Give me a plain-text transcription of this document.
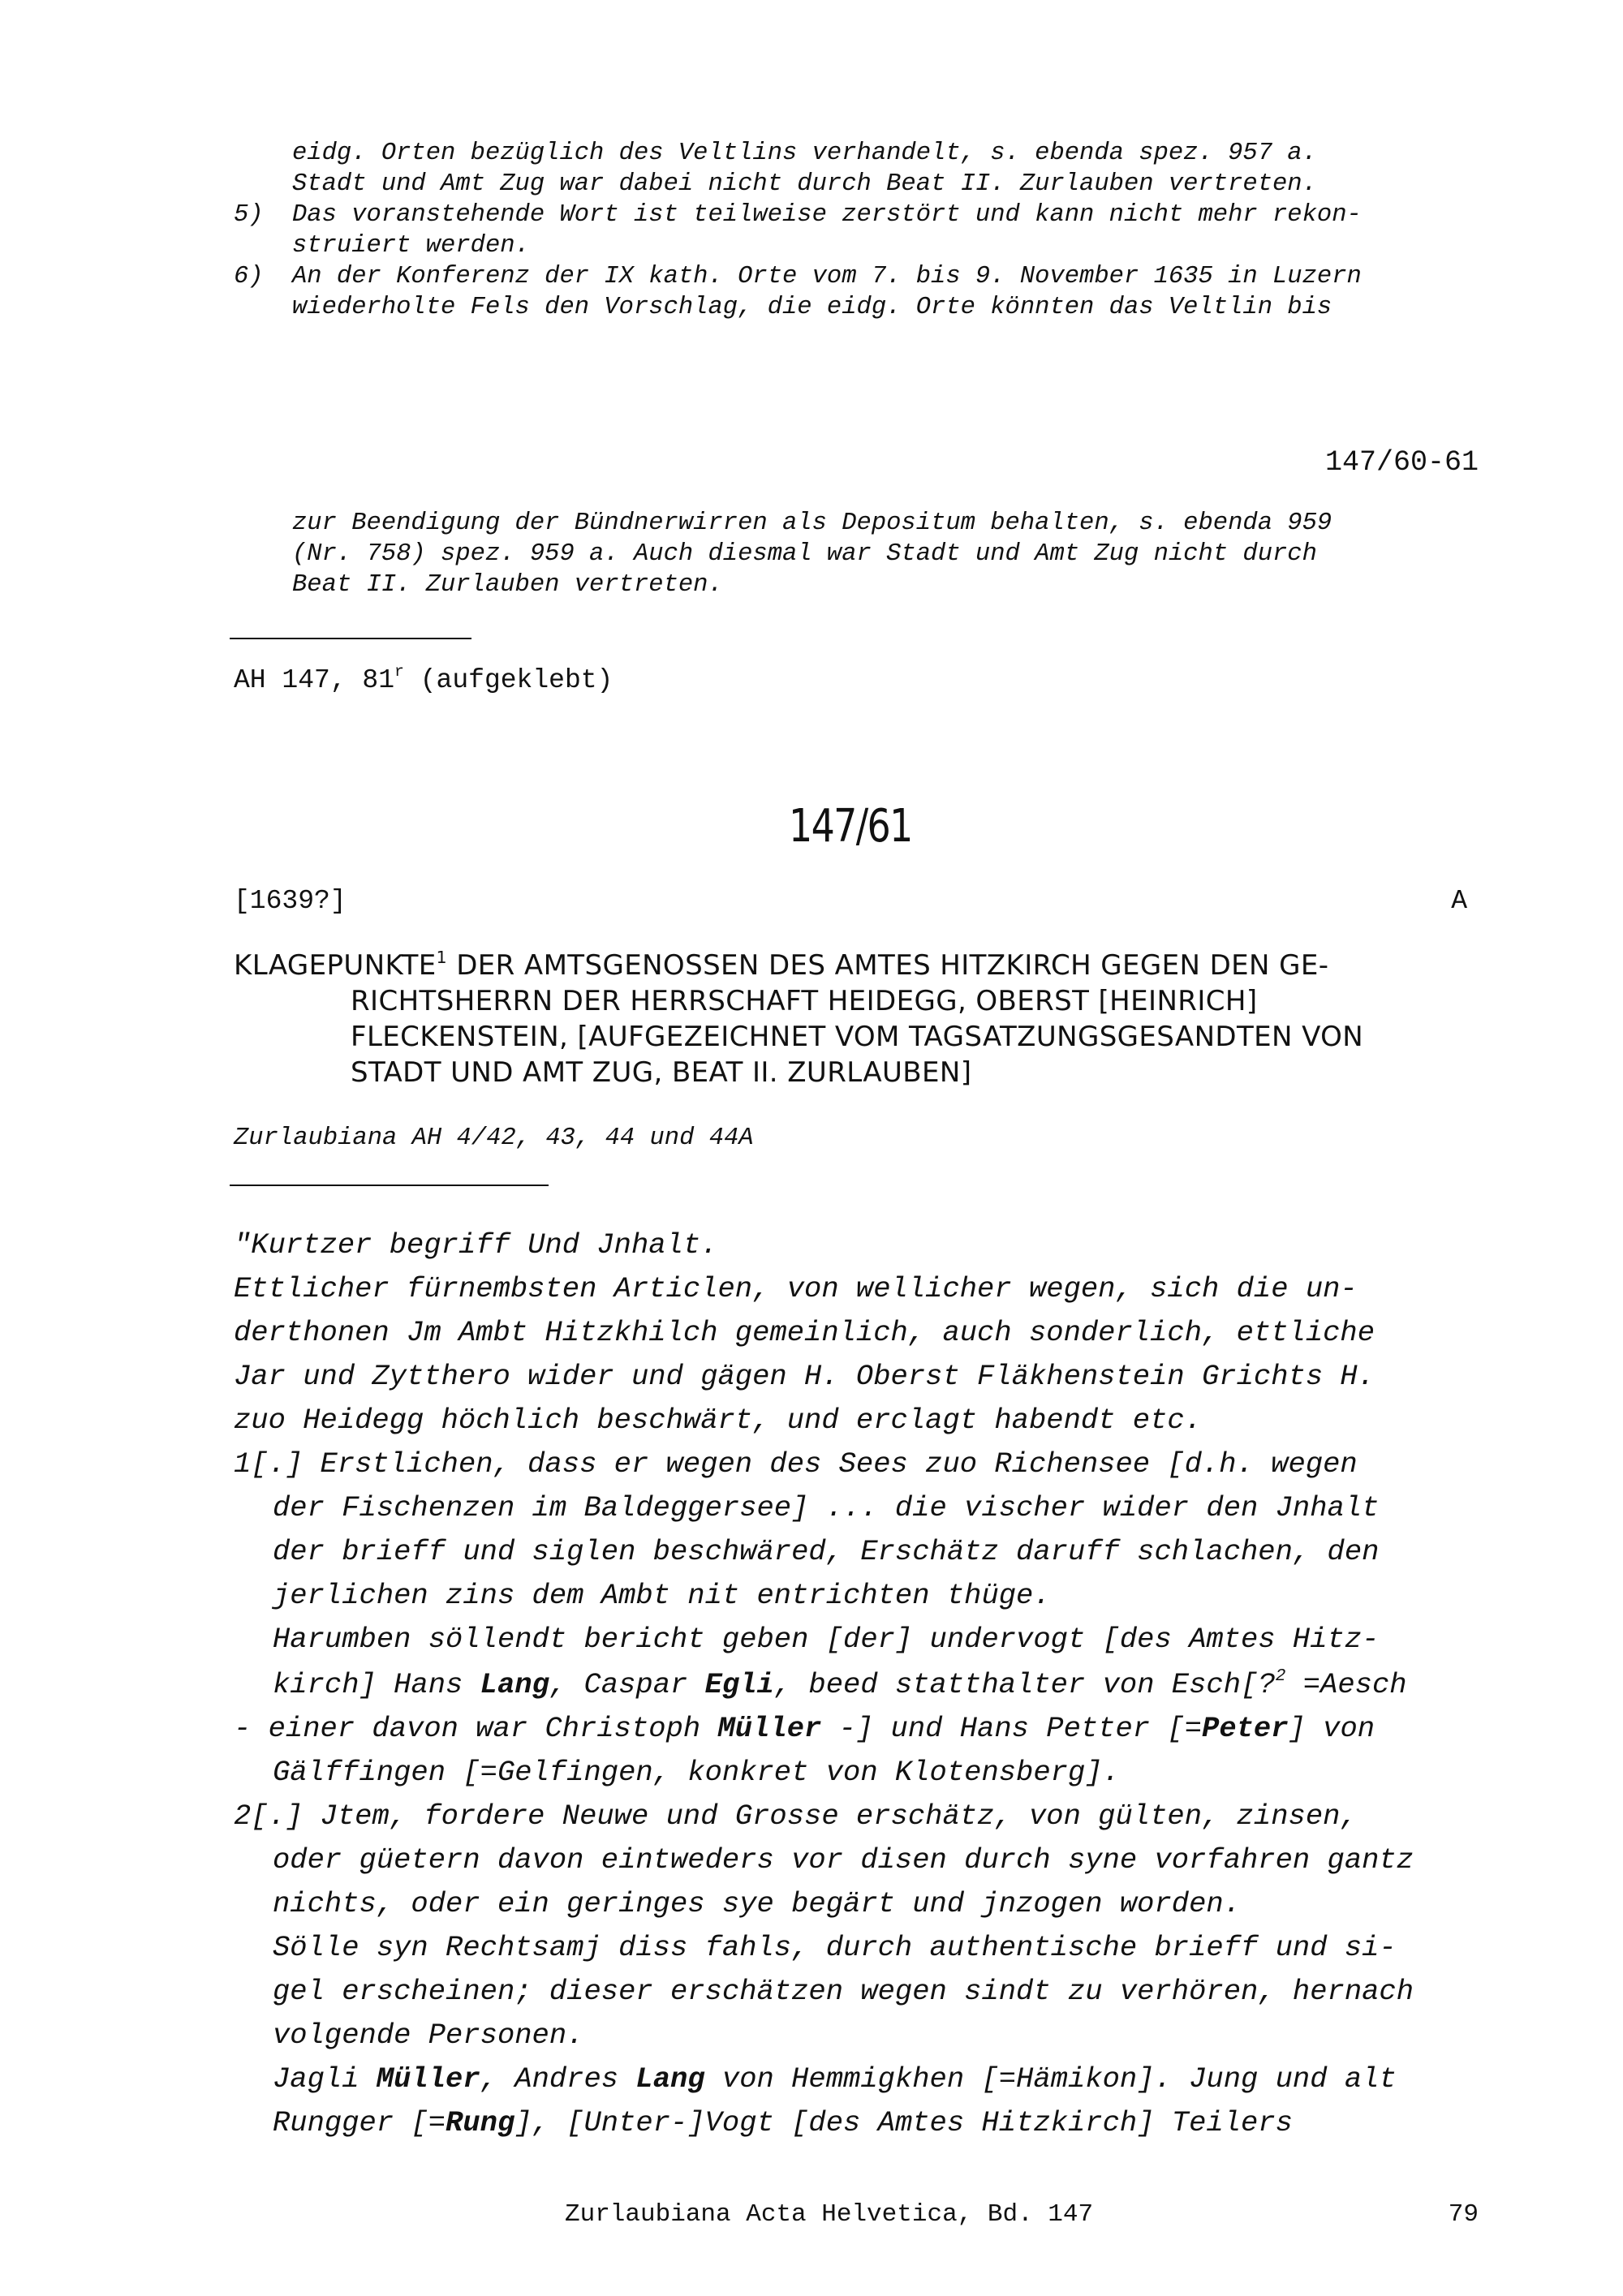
eidg. Orten bezüglich des Veltlins verhandelt, s. ebenda spez. 957 a.
Stadt und Amt Zug war dabei nicht durch Beat II. Zurlauben vertreten.
5) Das voranstehende Wort ist teilweise zerstört und kann nicht mehr rekon-
struiert werden.
6) An der Konferenz der IX kath. Orte vom 7. bis 9. November 1635 in Luzern
wiederholte Fels den Vorschlag, die eidg. Orte könnten das Veltlin bis
147/60-61
zur Beendigung der Bündnerwirren als Depositum behalten, s. ebenda 959
(Nr. 758) spez. 959 a. Auch diesmal war Stadt und Amt Zug nicht durch
Beat II. Zurlauben vertreten.
AH 147, 81$^r$ (aufgeklebt)
147/61
[1639?]	A
KLAGEPUNKTE$^1$ DER AMTSGENOSSEN DES AMTES HITZKIRCH GEGEN DEN GE-
RICHTSHERRN DER HERRSCHAFT HEIDEGG, OBERST [HEINRICH]
FLECKENSTEIN, [AUFGEZEICHNET VOM TAGSATZUNGSGESANDTEN VON
STADT UND AMT ZUG, BEAT II. ZURLAUBEN]
Zurlaubiana AH 4/42, 43, 44 und 44A
"Kurtzer begriff Und Jnhalt.
Ettlicher fürnembsten Articlen, von wellicher wegen, sich die un-
derthonen Jm Ambt Hitzkhilch gemeinlich, auch sonderlich, ettliche
Jar und Zytthero wider und gägen H. Oberst Fläkhenstein Grichts H.
zuo Heidegg höchlich beschwärt, und erclagt habendt etc.
1[.] Erstlichen, dass er wegen des Sees zuo Richensee [d.h. wegen
der Fischenzen im Baldeggersee] ... die vischer wider den Jnhalt
der brieff und siglen beschwäred, Erschätz daruff schlachen, den
jerlichen zins dem Ambt nit entrichten thüge.
Harumben söllendt bericht geben [der] undervogt [des Amtes Hitz-
kirch] Hans Lang, Caspar Egli, beed statthalter von Esch[?$^2$ =Aesch
- einer davon war Christoph Müller -] und Hans Petter [=Peter] von
Gälffingen [=Gelfingen, konkret von Klotensberg].
2[.] Jtem, fordere Neuwe und Grosse erschätz, von gülten, zinsen,
oder güetern davon eintweders vor disen durch syne vorfahren gantz
nichts, oder ein geringes sye begärt und jnzogen worden.
Sölle syn Rechtsamj diss fahls, durch authentische brieff und si-
gel erscheinen; dieser erschätzen wegen sindt zu verhören, hernach
volgende Personen.
Jagli Müller, Andres Lang von Hemmigkhen [=Hämikon]. Jung und alt
Rungger [=Rung], [Unter-]Vogt [des Amtes Hitzkirch] Teilers
Zurlaubiana Acta Helvetica, Bd. 147	79
